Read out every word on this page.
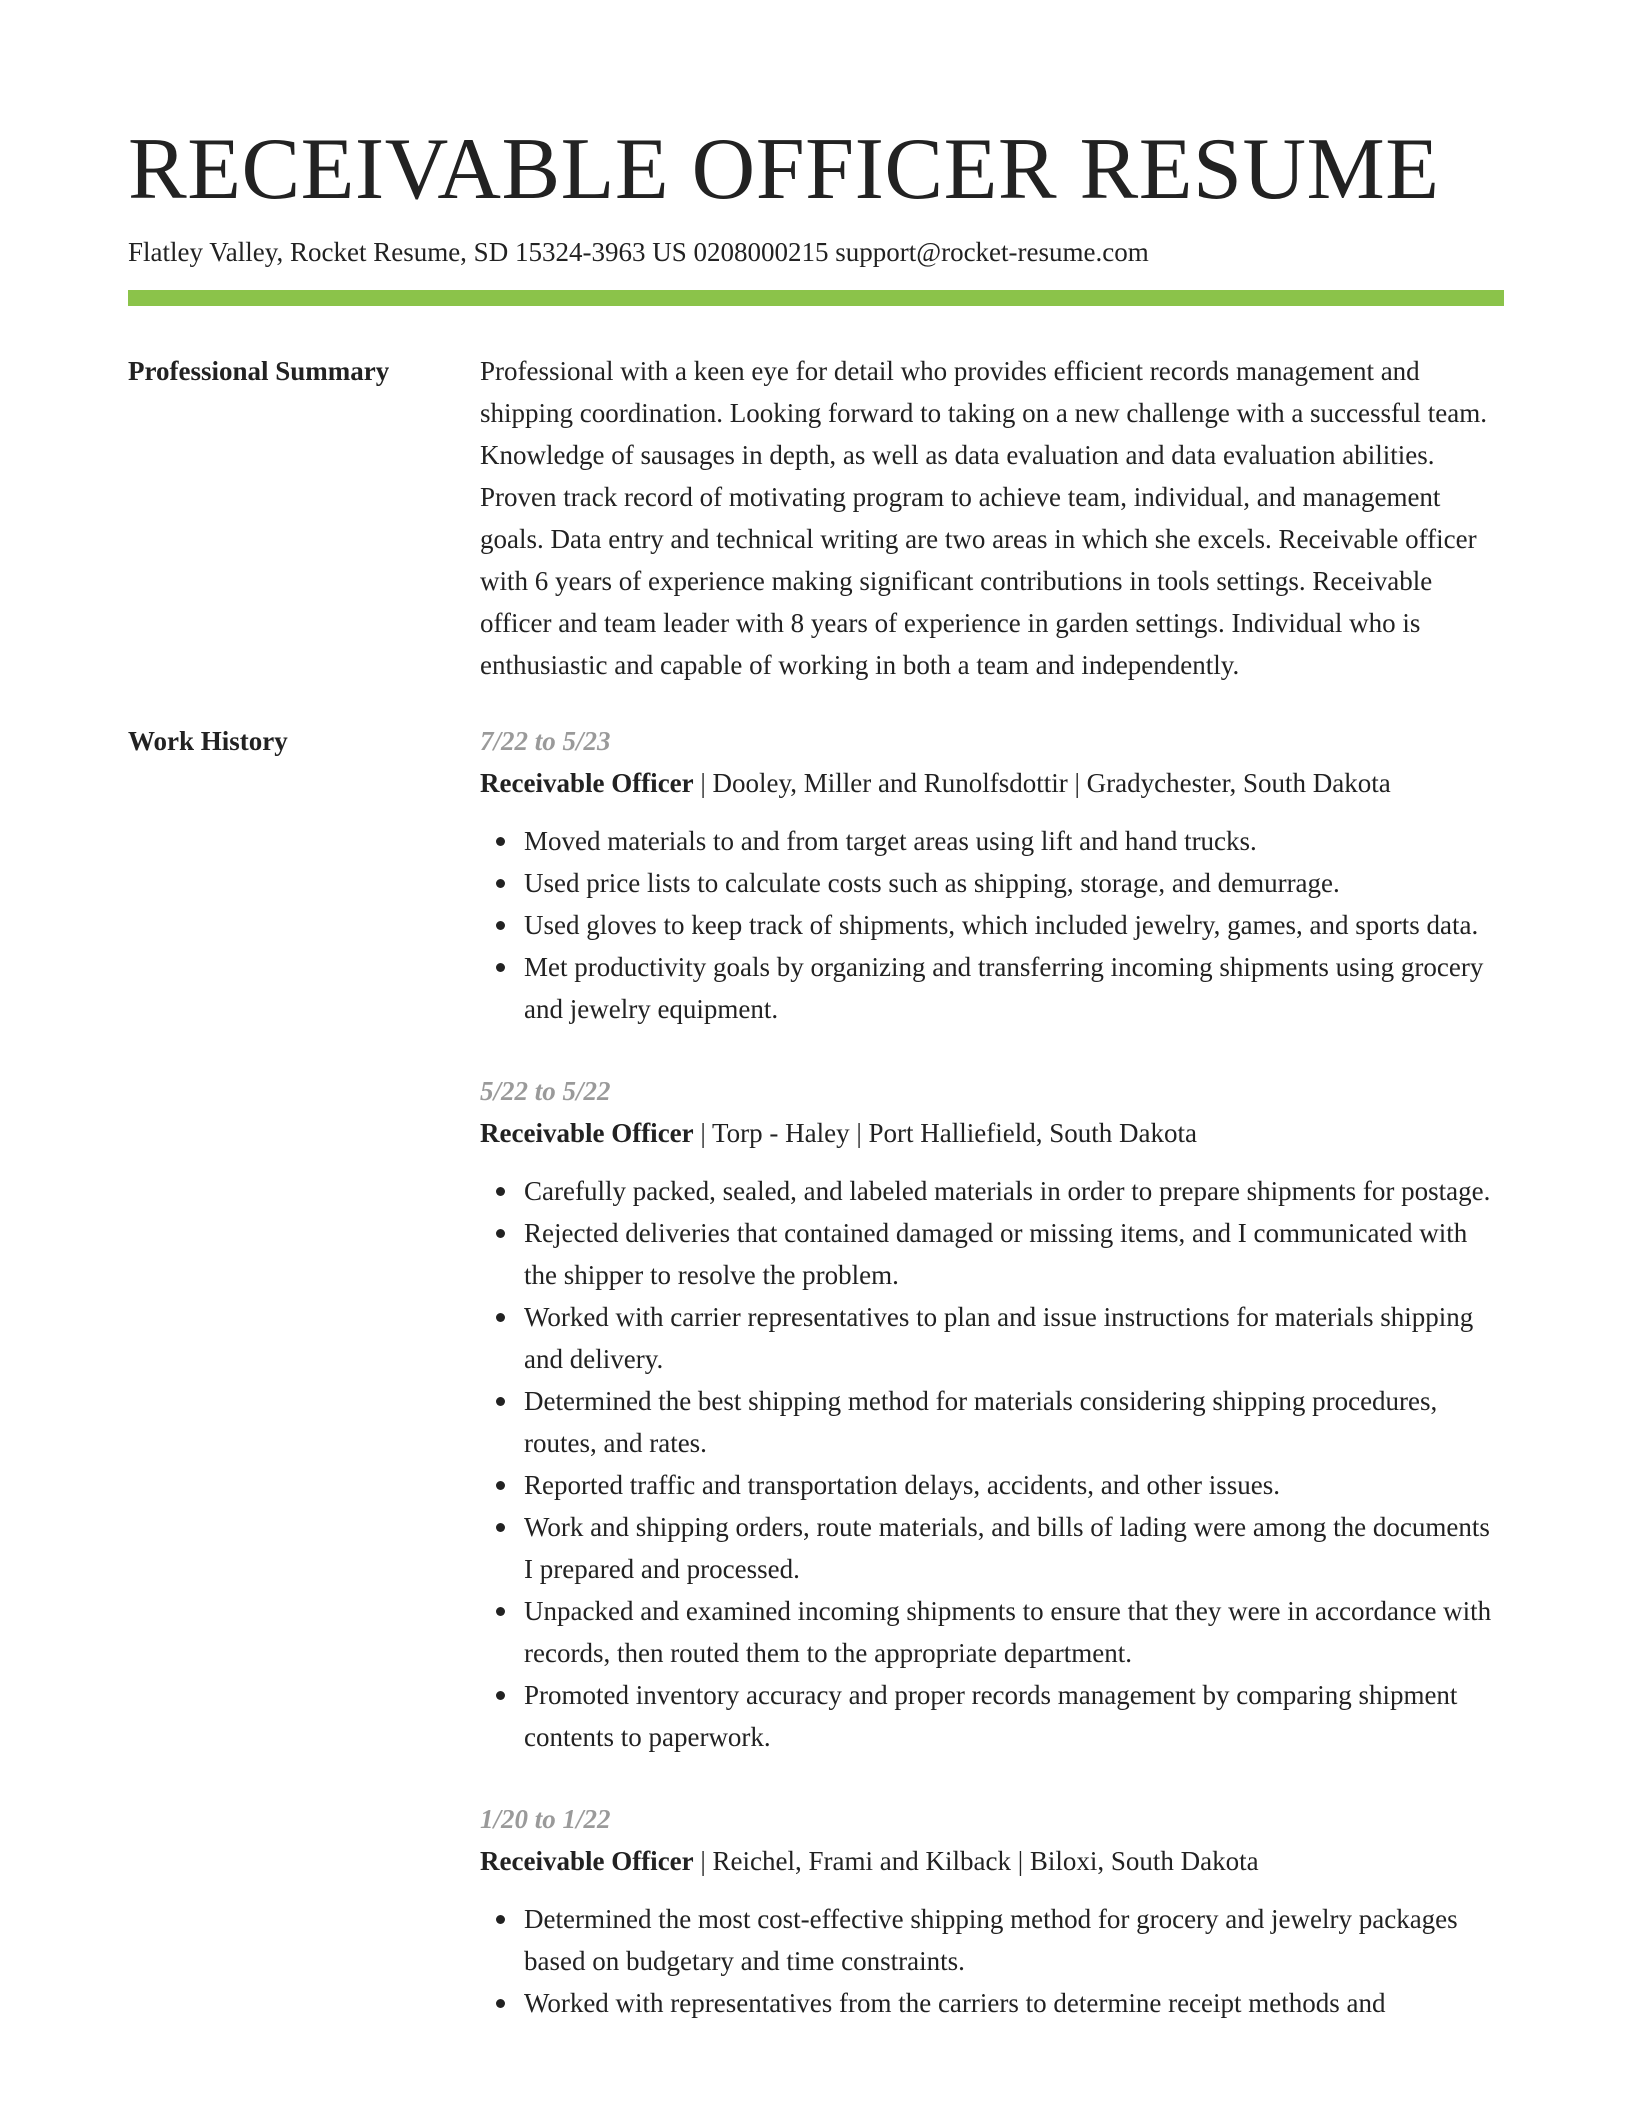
RECEIVABLE OFFICER RESUME
Flatley Valley, Rocket Resume, SD 15324-3963 US 0208000215 support@rocket-resume.com
Professional Summary	Professional with a keen eye for detail who provides efficient records management and shipping coordination. Looking forward to taking on a new challenge with a successful team. Knowledge of sausages in depth, as well as data evaluation and data evaluation abilities. Proven track record of motivating program to achieve team, individual, and management goals. Data entry and technical writing are two areas in which she excels. Receivable officer with 6 years of experience making significant contributions in tools settings. Receivable officer and team leader with 8 years of experience in garden settings. Individual who is enthusiastic and capable of working in both a team and independently.

Work History	7/22 to 5/23
Receivable Officer | Dooley, Miller and Runolfsdottir | Gradychester, South Dakota
Moved materials to and from target areas using lift and hand trucks.
Used price lists to calculate costs such as shipping, storage, and demurrage.
Used gloves to keep track of shipments, which included jewelry, games, and sports data.
Met productivity goals by organizing and transferring incoming shipments using grocery and jewelry equipment.
5/22 to 5/22
Receivable Officer | Torp - Haley | Port Halliefield, South Dakota
Carefully packed, sealed, and labeled materials in order to prepare shipments for postage.
Rejected deliveries that contained damaged or missing items, and I communicated with the shipper to resolve the problem.
Worked with carrier representatives to plan and issue instructions for materials shipping and delivery.
Determined the best shipping method for materials considering shipping procedures, routes, and rates.
Reported traffic and transportation delays, accidents, and other issues.
Work and shipping orders, route materials, and bills of lading were among the documents I prepared and processed.
Unpacked and examined incoming shipments to ensure that they were in accordance with records, then routed them to the appropriate department.
Promoted inventory accuracy and proper records management by comparing shipment contents to paperwork.
1/20 to 1/22
Receivable Officer | Reichel, Frami and Kilback | Biloxi, South Dakota
Determined the most cost-effective shipping method for grocery and jewelry packages based on budgetary and time constraints.
Worked with representatives from the carriers to determine receipt methods and
